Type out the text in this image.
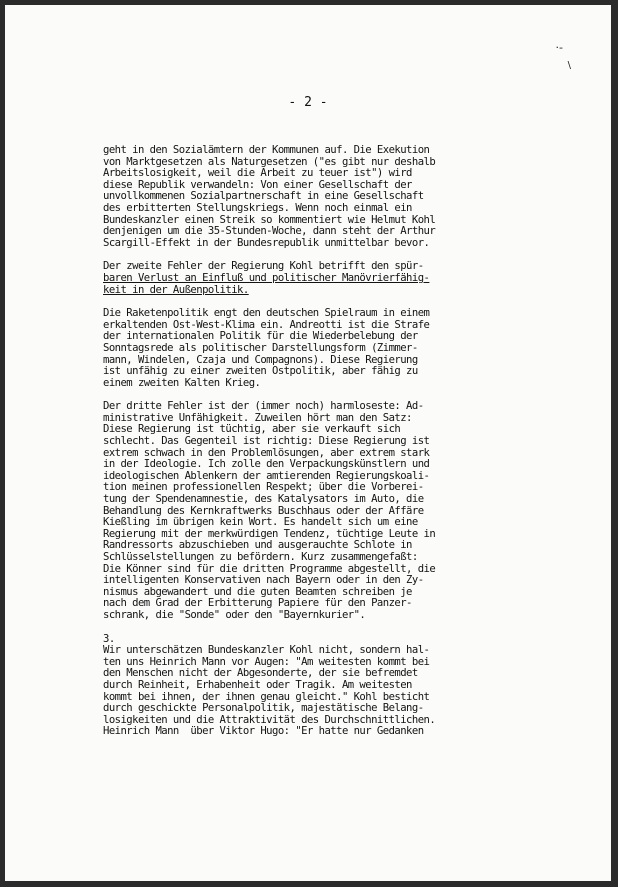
·-
\
- 2 -
geht in den Sozialämtern der Kommunen auf. Die Exekution
von Marktgesetzen als Naturgesetzen ("es gibt nur deshalb
Arbeitslosigkeit, weil die Arbeit zu teuer ist") wird
diese Republik verwandeln: Von einer Gesellschaft der
unvollkommenen Sozialpartnerschaft in eine Gesellschaft
des erbitterten Stellungskriegs. Wenn noch einmal ein
Bundeskanzler einen Streik so kommentiert wie Helmut Kohl
denjenigen um die 35-Stunden-Woche, dann steht der Arthur
Scargill-Effekt in der Bundesrepublik unmittelbar bevor.
Der zweite Fehler der Regierung Kohl betrifft den spür-
baren Verlust an Einfluß und politischer Manövrierfähig-
keit in der Außenpolitik.
Die Raketenpolitik engt den deutschen Spielraum in einem
erkaltenden Ost-West-Klima ein. Andreotti ist die Strafe
der internationalen Politik für die Wiederbelebung der
Sonntagsrede als politischer Darstellungsform (Zimmer-
mann, Windelen, Czaja und Compagnons). Diese Regierung
ist unfähig zu einer zweiten Ostpolitik, aber fähig zu
einem zweiten Kalten Krieg.
Der dritte Fehler ist der (immer noch) harmloseste: Ad-
ministrative Unfähigkeit. Zuweilen hört man den Satz:
Diese Regierung ist tüchtig, aber sie verkauft sich
schlecht. Das Gegenteil ist richtig: Diese Regierung ist
extrem schwach in den Problemlösungen, aber extrem stark
in der Ideologie. Ich zolle den Verpackungskünstlern und
ideologischen Ablenkern der amtierenden Regierungskoali-
tion meinen professionellen Respekt; über die Vorberei-
tung der Spendenamnestie, des Katalysators im Auto, die
Behandlung des Kernkraftwerks Buschhaus oder der Affäre
Kießling im übrigen kein Wort. Es handelt sich um eine
Regierung mit der merkwürdigen Tendenz, tüchtige Leute in
Randressorts abzuschieben und ausgerauchte Schlote in
Schlüsselstellungen zu befördern. Kurz zusammengefaßt:
Die Könner sind für die dritten Programme abgestellt, die
intelligenten Konservativen nach Bayern oder in den Zy-
nismus abgewandert und die guten Beamten schreiben je
nach dem Grad der Erbitterung Papiere für den Panzer-
schrank, die "Sonde" oder den "Bayernkurier".
3.
Wir unterschätzen Bundeskanzler Kohl nicht, sondern hal-
ten uns Heinrich Mann vor Augen: "Am weitesten kommt bei
den Menschen nicht der Abgesonderte, der sie befremdet
durch Reinheit, Erhabenheit oder Tragik. Am weitesten
kommt bei ihnen, der ihnen genau gleicht." Kohl besticht
durch geschickte Personalpolitik, majestätische Belang-
losigkeiten und die Attraktivität des Durchschnittlichen.
Heinrich Mann  über Viktor Hugo: "Er hatte nur Gedanken
